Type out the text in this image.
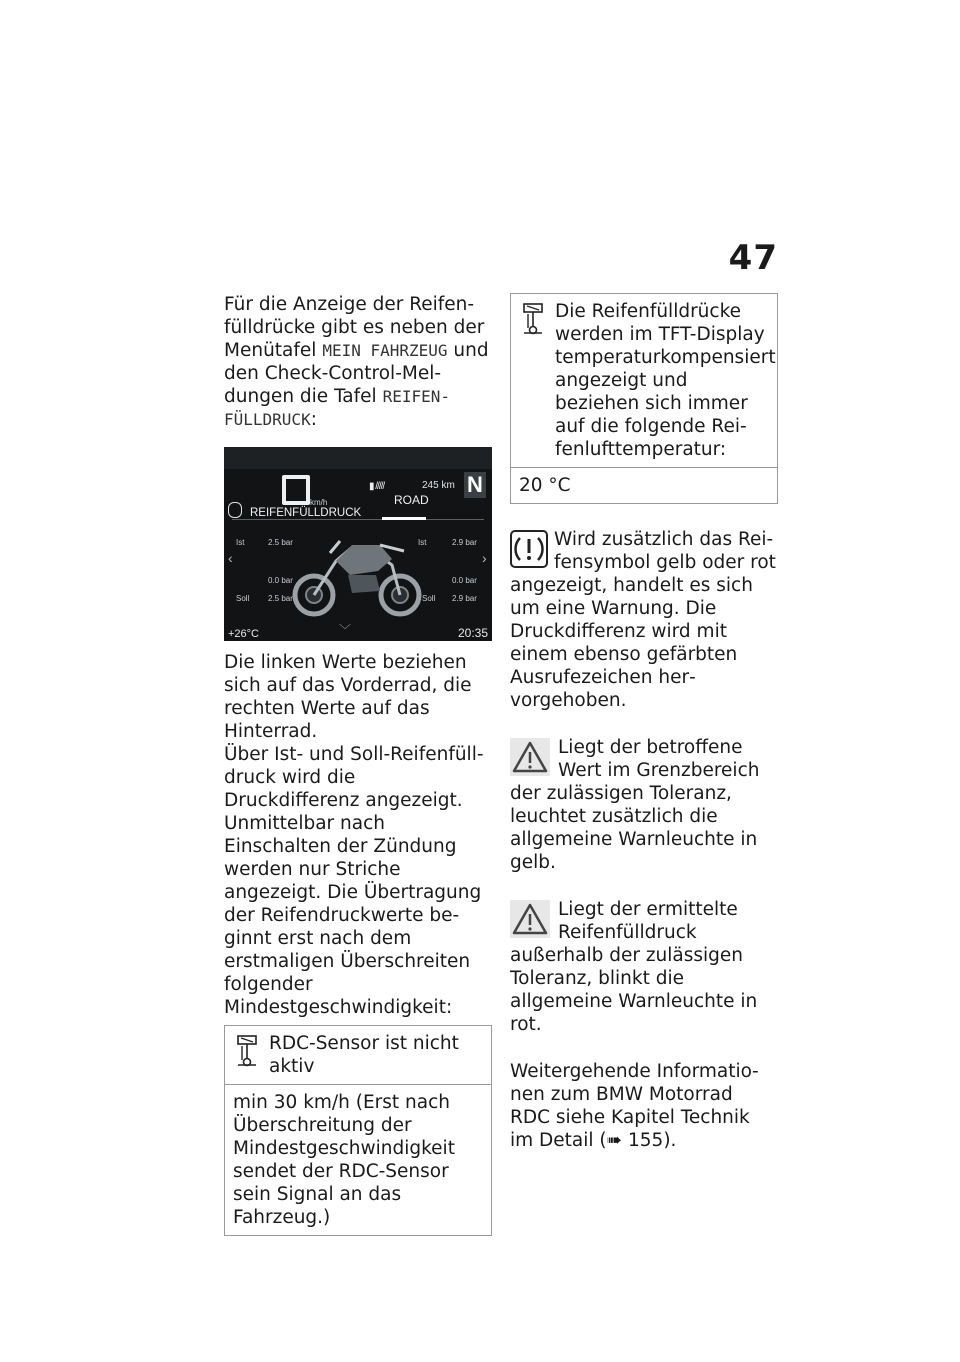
47

Für die Anzeige der Reifenfülldrücke gibt es neben der Menütafel MEIN FAHRZEUG und den Check-Control-Meldungen die Tafel REIFENFÜLLDRUCK:

km/h
▮ /////	245 km
ROAD
N
REIFENFÜLLDRUCK
Ist	2.5 bar	Ist	2.9 bar
‹	›
0.0 bar	0.0 bar
Soll 2.5 bar	Soll 2.9 bar
﹀
+26°C	20:35

Die linken Werte beziehen sich auf das Vorderrad, die rechten Werte auf das Hinterrad.

Über Ist- und Soll-Reifenfülldruck wird die Druckdifferenz angezeigt.

Unmittelbar nach Einschalten der Zündung werden nur Striche angezeigt. Die Übertragung der Reifendruckwerte beginnt erst nach dem erstmaligen Überschreiten folgender Mindestgeschwindigkeit:

RDC-Sensor ist nicht aktiv
min 30 km/h (Erst nach Überschreitung der Mindestgeschwindigkeit sendet der RDC-Sensor sein Signal an das Fahrzeug.)
Die Reifenfülldrücke werden im TFT-Display temperaturkompensiert angezeigt und beziehen sich immer auf die folgende Reifenlufttemperatur:
20 °C
Wird zusätzlich das Reifensymbol gelb oder rot angezeigt, handelt es sich um eine Warnung. Die Druckdifferenz wird mit einem ebenso gefärbten Ausrufezeichen hervorgehoben.
Liegt der betroffene Wert im Grenzbereich der zulässigen Toleranz, leuchtet zusätzlich die allgemeine Warnleuchte in gelb.
Liegt der ermittelte Reifenfülldruck außerhalb der zulässigen Toleranz, blinkt die allgemeine Warnleuchte in rot.

Weitergehende Informationen zum BMW Motorrad RDC siehe Kapitel Technik im Detail (➠ 155).
